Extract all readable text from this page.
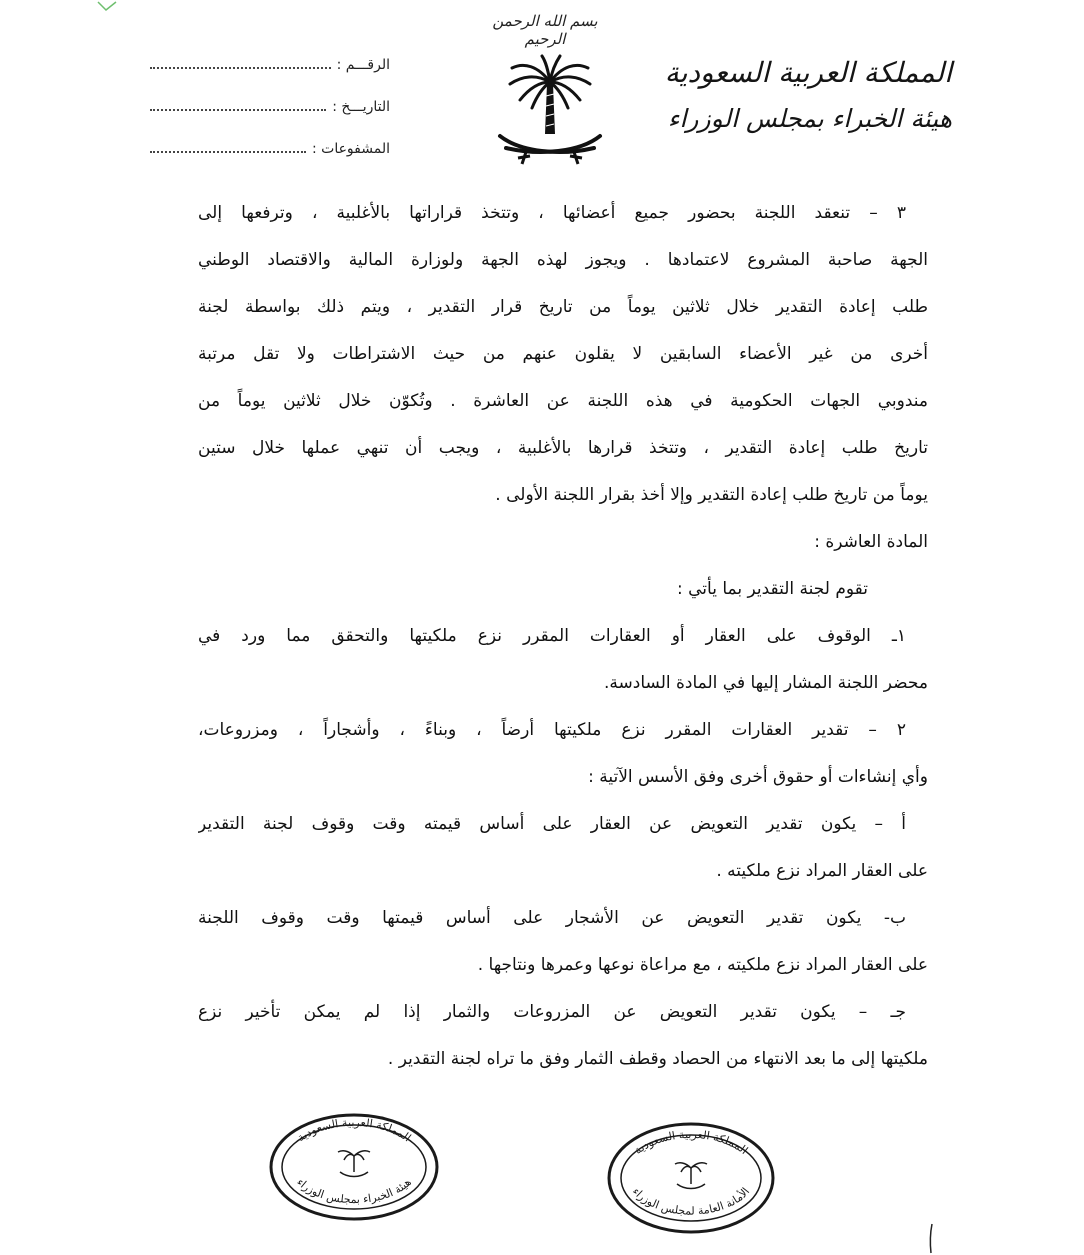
بسم الله الرحمن الرحيم
المملكة العربية السعودية
هيئة الخبراء بمجلس الوزراء
الرقـــم :
التاريـــخ :
المشفوعات :
٣ – تنعقد اللجنة بحضور جميع أعضائها ، وتتخذ قراراتها بالأغلبية ، وترفعها إلى
الجهة صاحبة المشروع لاعتمادها . ويجوز لهذه الجهة ولوزارة المالية والاقتصاد الوطني
طلب إعادة التقدير خلال ثلاثين يوماً من تاريخ قرار التقدير ، ويتم ذلك بواسطة لجنة
أخرى من غير الأعضاء السابقين لا يقلون عنهم من حيث الاشتراطات ولا تقل مرتبة
مندوبي الجهات الحكومية في هذه اللجنة عن العاشرة . وتُكوّن خلال ثلاثين يوماً من
تاريخ طلب إعادة التقدير ، وتتخذ قرارها بالأغلبية ، ويجب أن تنهي عملها خلال ستين
يوماً من تاريخ طلب إعادة التقدير وإلا أخذ بقرار اللجنة الأولى .
المادة العاشرة :
تقوم لجنة التقدير بما يأتي :
١ـ الوقوف على العقار أو العقارات المقرر نزع ملكيتها والتحقق مما ورد في
محضر اللجنة المشار إليها في المادة السادسة.
٢ – تقدير العقارات المقرر نزع ملكيتها أرضاً ، وبناءً ، وأشجاراً ، ومزروعات،
وأي إنشاءات أو حقوق أخرى وفق الأسس الآتية :
أ – يكون تقدير التعويض عن العقار على أساس قيمته وقت وقوف لجنة التقدير
على العقار المراد نزع ملكيته .
ب- يكون تقدير التعويض عن الأشجار على أساس قيمتها وقت وقوف اللجنة
على العقار المراد نزع ملكيته ، مع مراعاة نوعها وعمرها ونتاجها .
جـ – يكون تقدير التعويض عن المزروعات والثمار إذا لم يمكن تأخير نزع
ملكيتها إلى ما بعد الانتهاء من الحصاد وقطف الثمار وفق ما تراه لجنة التقدير .
المملكة العربية السعودية
هيئة الخبراء بمجلس الوزراء
المملكة العربية السعودية
الأمانة العامة لمجلس الوزراء
